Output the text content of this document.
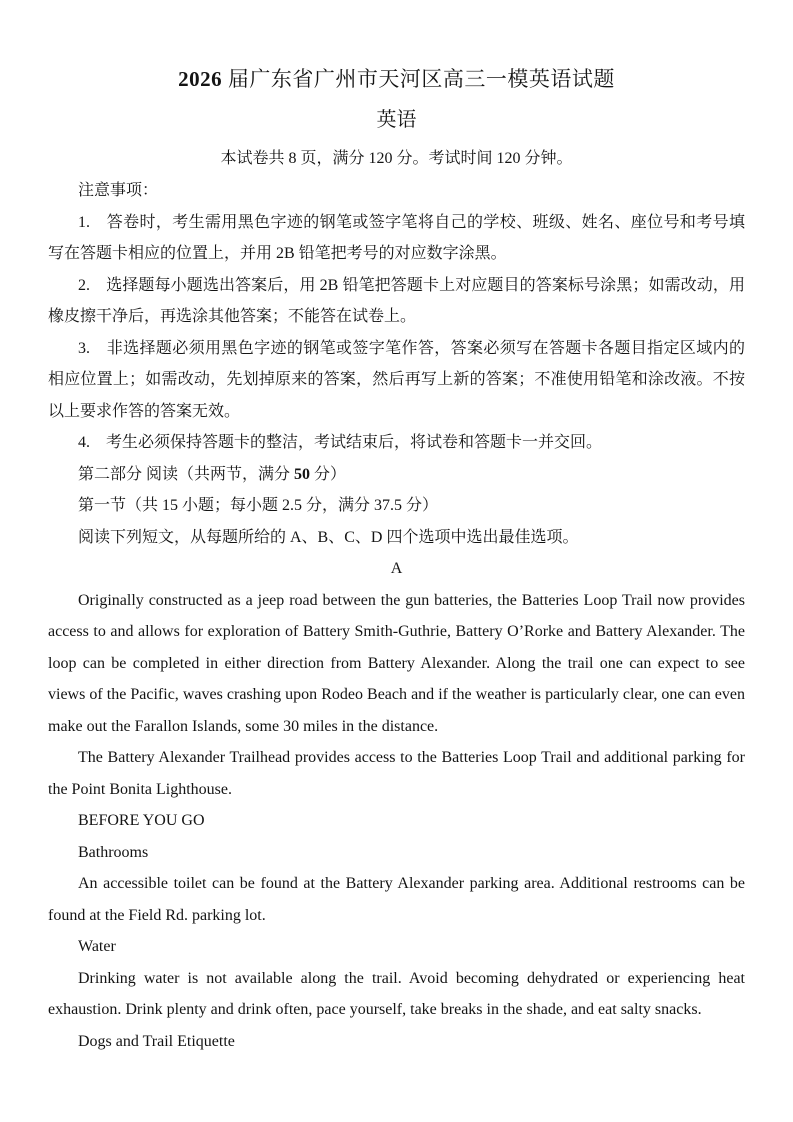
2026 届广东省广州市天河区高三一模英语试题
英语

本试卷共 8 页，满分 120 分。考试时间 120 分钟。

注意事项：

1.　答卷时，考生需用黑色字迹的钢笔或签字笔将自己的学校、班级、姓名、座位号和考号填写在答题卡相应的位置上，并用 2B 铅笔把考号的对应数字涂黑。

2.　选择题每小题选出答案后，用 2B 铅笔把答题卡上对应题目的答案标号涂黑；如需改动，用橡皮擦干净后，再选涂其他答案；不能答在试卷上。

3.　非选择题必须用黑色字迹的钢笔或签字笔作答，答案必须写在答题卡各题目指定区域内的相应位置上；如需改动，先划掉原来的答案，然后再写上新的答案；不准使用铅笔和涂改液。不按以上要求作答的答案无效。

4.　考生必须保持答题卡的整洁，考试结束后，将试卷和答题卡一并交回。

第二部分 阅读（共两节，满分 50 分）

第一节（共 15 小题；每小题 2.5 分，满分 37.5 分）

阅读下列短文，从每题所给的 A、B、C、D 四个选项中选出最佳选项。

A

Originally constructed as a jeep road between the gun batteries, the Batteries Loop Trail now provides access to and allows for exploration of Battery Smith-Guthrie, Battery O’Rorke and Battery Alexander. The loop can be completed in either direction from Battery Alexander. Along the trail one can expect to see views of the Pacific, waves crashing upon Rodeo Beach and if the weather is particularly clear, one can even make out the Farallon Islands, some 30 miles in the distance.

The Battery Alexander Trailhead provides access to the Batteries Loop Trail and additional parking for the Point Bonita Lighthouse.

BEFORE YOU GO

Bathrooms

An accessible toilet can be found at the Battery Alexander parking area. Additional restrooms can be found at the Field Rd. parking lot.

Water

Drinking water is not available along the trail. Avoid becoming dehydrated or experiencing heat exhaustion. Drink plenty and drink often, pace yourself, take breaks in the shade, and eat salty snacks.

Dogs and Trail Etiquette
